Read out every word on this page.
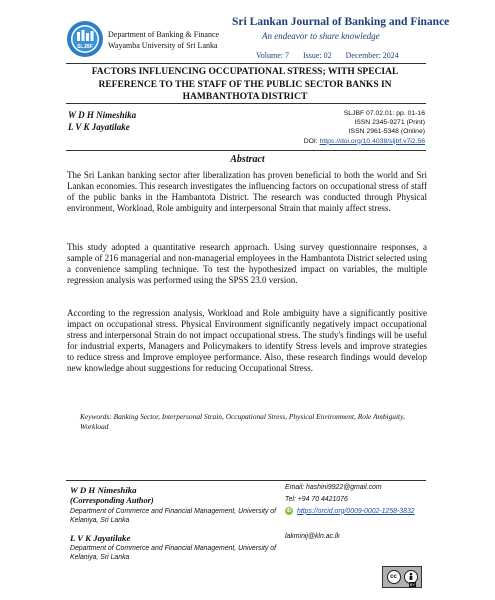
SLJBF
Department of Banking & Finance
Wayamba University of Sri Lanka
Sri Lankan Journal of Banking and Finance
An endeavor to share knowledge
Volume: 7 Issue: 02 December: 2024
FACTORS INFLUENCING OCCUPATIONAL STRESS; WITH SPECIAL
REFERENCE TO THE STAFF OF THE PUBLIC SECTOR BANKS IN
HAMBANTHOTA DISTRICT
W D H Nimeshika
L V K Jayatilake
SLJBF 07.02.01: pp. 01-16
ISSN 2345-9271 (Print)
ISSN 2961-5348 (Online)
DOI: https://doi.org/10.4038/sljbf.v7i2.56
Abstract
The Sri Lankan banking sector after liberalization has proven beneficial to both the world and Sri Lankan economies. This research investigates the influencing factors on occupational stress of staff of the public banks in the Hambantota District. The research was conducted through Physical environment, Workload, Role ambiguity and interpersonal Strain that mainly affect stress.
This study adopted a quantitative research approach. Using survey questionnaire responses, a sample of 216 managerial and non-managerial employees in the Hambantota District selected using a convenience sampling technique. To test the hypothesized impact on variables, the multiple regression analysis was performed using the SPSS 23.0 version.
According to the regression analysis, Workload and Role ambiguity have a significantly positive impact on occupational stress. Physical Environment significantly negatively impact occupational stress and interpersonal Strain do not impact occupational stress. The study's findings will be useful for industrial experts, Managers and Policymakers to identify Stress levels and improve strategies to reduce stress and Improve employee performance. Also, these research findings would develop new knowledge about suggestions for reducing Occupational Stress.
Keywords: Banking Sector, Interpersonal Strain, Occupational Stress, Physical Environment, Role Ambiguity, Workload
W D H Nimeshika
(Corresponding Author)
Department of Commerce and Financial Management, University of Kelaniya, Sri Lanka
L V K Jayatilake
Department of Commerce and Financial Management, University of Kelaniya, Sri Lanka
Email: hashini9922@gmail.com
Tel: +94 70 4421076
iD https://orcid.org/0009-0002-1258-3832
lakminij@kln.ac.lk
cc
BY
